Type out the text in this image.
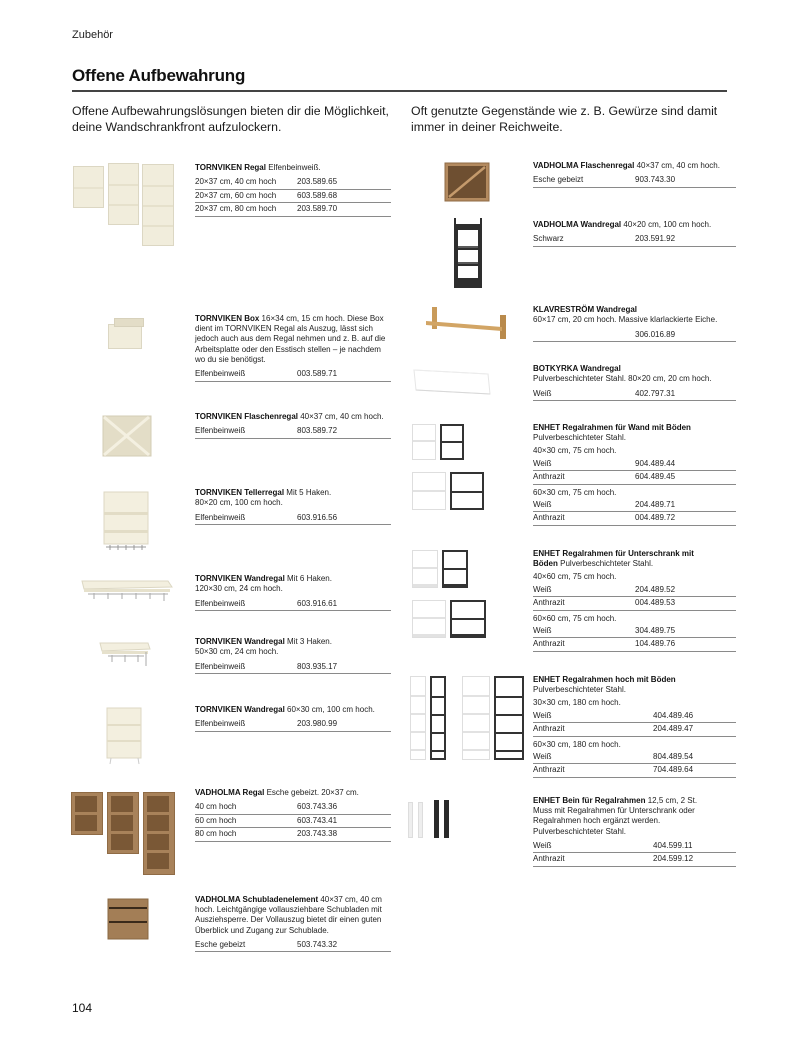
Zubehör
Offene Aufbewahrung

Offene Aufbewahrungslösungen bieten dir die Möglichkeit, deine Wandschrankfront aufzulockern.

Oft genutzte Gegenstände wie z. B. Gewürze sind damit immer in deiner Reichweite.

TORNVIKEN Regal Elfenbeinweiß.
20×37 cm, 40 cm hoch	203.589.65
20×37 cm, 60 cm hoch	603.589.68
20×37 cm, 80 cm hoch	203.589.70
TORNVIKEN Box 16×34 cm, 15 cm hoch. Diese Box dient im TORNVIKEN Regal als Auszug, lässt sich jedoch auch aus dem Regal nehmen und z. B. auf die Arbeitsplatte oder den Esstisch stellen – je nachdem wo du sie benötigst.
Elfenbeinweiß	003.589.71
TORNVIKEN Flaschenregal 40×37 cm, 40 cm hoch.
Elfenbeinweiß	803.589.72
TORNVIKEN Tellerregal Mit 5 Haken. 80×20 cm, 100 cm hoch.
Elfenbeinweiß	603.916.56
TORNVIKEN Wandregal Mit 6 Haken. 120×30 cm, 24 cm hoch.
Elfenbeinweiß	603.916.61
TORNVIKEN Wandregal Mit 3 Haken. 50×30 cm, 24 cm hoch.
Elfenbeinweiß	803.935.17
TORNVIKEN Wandregal 60×30 cm, 100 cm hoch.
Elfenbeinweiß	203.980.99
VADHOLMA Regal Esche gebeizt. 20×37 cm.
40 cm hoch	603.743.36
60 cm hoch	603.743.41
80 cm hoch	203.743.38
VADHOLMA Schubladenelement 40×37 cm, 40 cm hoch. Leichtgängige vollausziehbare Schubladen mit Ausziehsperre. Der Vollauszug bietet dir einen guten Überblick und Zugang zur Schublade.
Esche gebeizt	503.743.32
VADHOLMA Flaschenregal 40×37 cm, 40 cm hoch.
Esche gebeizt	903.743.30
VADHOLMA Wandregal 40×20 cm, 100 cm hoch.
Schwarz	203.591.92
KLAVRESTRÖM Wandregal
60×17 cm, 20 cm hoch. Massive klarlackierte Eiche.
306.016.89
BOTKYRKA Wandregal
Pulverbeschichteter Stahl. 80×20 cm, 20 cm hoch.
Weiß	402.797.31
ENHET Regalrahmen für Wand mit Böden
Pulverbeschichteter Stahl.
40×30 cm, 75 cm hoch.
Weiß	904.489.44
Anthrazit	604.489.45
60×30 cm, 75 cm hoch.
Weiß	204.489.71
Anthrazit	004.489.72
ENHET Regalrahmen für Unterschrank mit Böden Pulverbeschichteter Stahl.
40×60 cm, 75 cm hoch.
Weiß	204.489.52
Anthrazit	004.489.53
60×60 cm, 75 cm hoch.
Weiß	304.489.75
Anthrazit	104.489.76
ENHET Regalrahmen hoch mit Böden
Pulverbeschichteter Stahl.
30×30 cm, 180 cm hoch.
Weiß	404.489.46
Anthrazit	204.489.47
60×30 cm, 180 cm hoch.
Weiß	804.489.54
Anthrazit	704.489.64
ENHET Bein für Regalrahmen 12,5 cm, 2 St. Muss mit Regalrahmen für Unterschrank oder Regalrahmen hoch ergänzt werden. Pulverbeschichteter Stahl.
Weiß	404.599.11
Anthrazit	204.599.12
104
